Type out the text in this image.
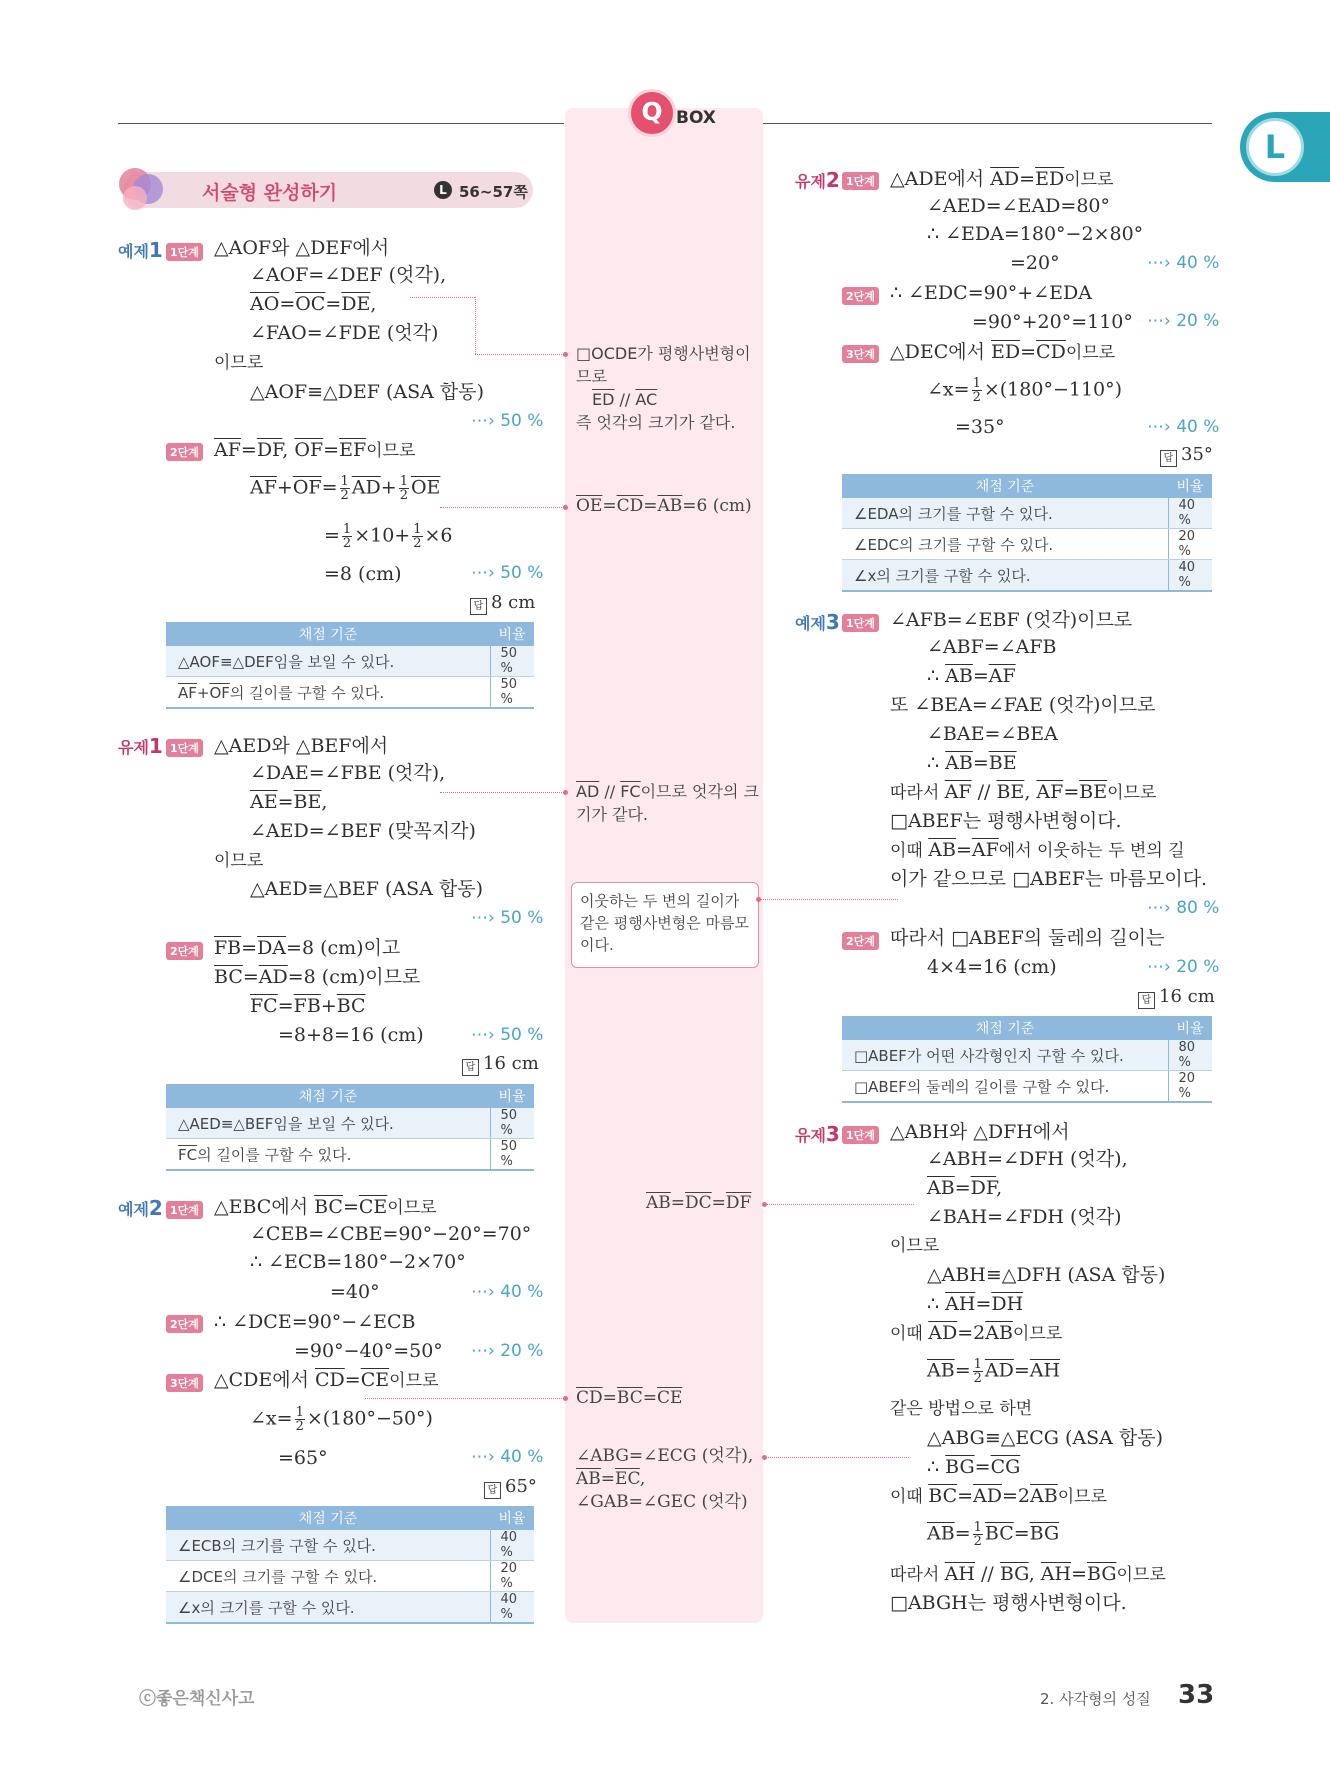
Q BOX
L
서술형 완성하기	L 56~57쪽
예제1 1단계 △AOF와 △DEF에서
∠AOF=∠DEF (엇각),
$\overline{AO}=\overline{OC}=\overline{DE}$,
∠FAO=∠FDE (엇각)
이므로
△AOF≡△DEF (ASA 합동)
⋯› 50 %
2단계 $\overline{AF}=\overline{DF}$, $\overline{OF}=\overline{EF}$이므로
$\overline{AF}+\overline{OF}= \frac{1}{2} \overline{AD}+ \frac{1}{2} \overline{OE}$
= $\frac{1}{2} \times 10+ \frac{1}{2} \times 6$
=8 (cm)	⋯› 50 %
답 8 cm
채점 기준	비율
△AOF≡△DEF임을 보일 수 있다.	50 %
$\overline{AF}+\overline{OF}$의 길이를 구할 수 있다.	50 %
유제1 1단계 △AED와 △BEF에서
∠DAE=∠FBE (엇각),
$\overline{AE}=\overline{BE}$,
∠AED=∠BEF (맞꼭지각)
이므로
△AED≡△BEF (ASA 합동)
⋯› 50 %
2단계 $\overline{FB}=\overline{DA}=8$ (cm)이고
$\overline{BC}=\overline{AD}=8$ (cm)이므로
$\overline{FC}=\overline{FB}+\overline{BC}$
=8+8=16 (cm)	⋯› 50 %
답 16 cm
채점 기준	비율
△AED≡△BEF임을 보일 수 있다.	50 %
$\overline{FC}$의 길이를 구할 수 있다.	50 %
예제2 1단계 △EBC에서 $\overline{BC}=\overline{CE}$이므로
∠CEB=∠CBE=90°−20°=70°
∴ ∠ECB=180°−2×70°
=40°	⋯› 40 %
2단계 ∴ ∠DCE=90°−∠ECB
=90°−40°=50° ⋯› 20 %
3단계 △CDE에서 $\overline{CD}=\overline{CE}$이므로
∠x= $\frac{1}{2} \times(180^\circ-50^\circ)$
=65°	⋯› 40 %
답 65°
채점 기준	비율
∠ECB의 크기를 구할 수 있다.	40 %
∠DCE의 크기를 구할 수 있다.	20 %
∠x의 크기를 구할 수 있다.	40 %
□OCDE가 평행사변형이
므로
$\overline{ED} // \overline{AC}$
즉 엇각의 크기가 같다.
$\overline{OE}=\overline{CD}=\overline{AB}=6$ (cm)
$\overline{AD} // \overline{FC}$이므로 엇각의 크
기가 같다.
이웃하는 두 변의 길이가
같은 평행사변형은 마름모
이다.
$\overline{AB}=\overline{DC}=\overline{DF}$
$\overline{CD}=\overline{BC}=\overline{CE}$
∠ABG=∠ECG (엇각),
$\overline{AB}=\overline{EC}$,
∠GAB=∠GEC (엇각)
유제2 1단계 △ADE에서 $\overline{AD}=\overline{ED}$이므로
∠AED=∠EAD=80°
∴ ∠EDA=180°−2×80°
=20°	⋯› 40 %
2단계 ∴ ∠EDC=90°+∠EDA
=90°+20°=110° ⋯› 20 %
3단계 △DEC에서 $\overline{ED}=\overline{CD}$이므로
∠x= $\frac{1}{2} \times(180^\circ-110^\circ)$
=35°	⋯› 40 %
답 35°
채점 기준	비율
∠EDA의 크기를 구할 수 있다.	40 %
∠EDC의 크기를 구할 수 있다.	20 %
∠x의 크기를 구할 수 있다.	40 %
예제3 1단계 ∠AFB=∠EBF (엇각)이므로
∠ABF=∠AFB
∴ $\overline{AB}=\overline{AF}$
또 ∠BEA=∠FAE (엇각)이므로
∠BAE=∠BEA
∴ $\overline{AB}=\overline{BE}$
따라서 $\overline{AF} // \overline{BE}$, $\overline{AF}=\overline{BE}$이므로
□ABEF는 평행사변형이다.
이때 $\overline{AB}=\overline{AF}$에서 이웃하는 두 변의 길
이가 같으므로 □ABEF는 마름모이다.
⋯› 80 %
2단계 따라서 □ABEF의 둘레의 길이는
4×4=16 (cm)	⋯› 20 %
답 16 cm
채점 기준	비율
□ABEF가 어떤 사각형인지 구할 수 있다.	80 %
□ABEF의 둘레의 길이를 구할 수 있다.	20 %
유제3 1단계 △ABH와 △DFH에서
∠ABH=∠DFH (엇각),
$\overline{AB}=\overline{DF}$,
∠BAH=∠FDH (엇각)
이므로
△ABH≡△DFH (ASA 합동)
∴ $\overline{AH}=\overline{DH}$
이때 $\overline{AD}=2\overline{AB}$이므로
$\overline{AB}= \frac{1}{2} \overline{AD}=\overline{AH}$
같은 방법으로 하면
△ABG≡△ECG (ASA 합동)
∴ $\overline{BG}=\overline{CG}$
이때 $\overline{BC}=\overline{AD}=2\overline{AB}$이므로
$\overline{AB}= \frac{1}{2} \overline{BC}=\overline{BG}$
따라서 $\overline{AH} // \overline{BG}$, $\overline{AH}=\overline{BG}$이므로
□ABGH는 평행사변형이다.
ⓒ좋은책신사고	2. 사각형의 성질 33
